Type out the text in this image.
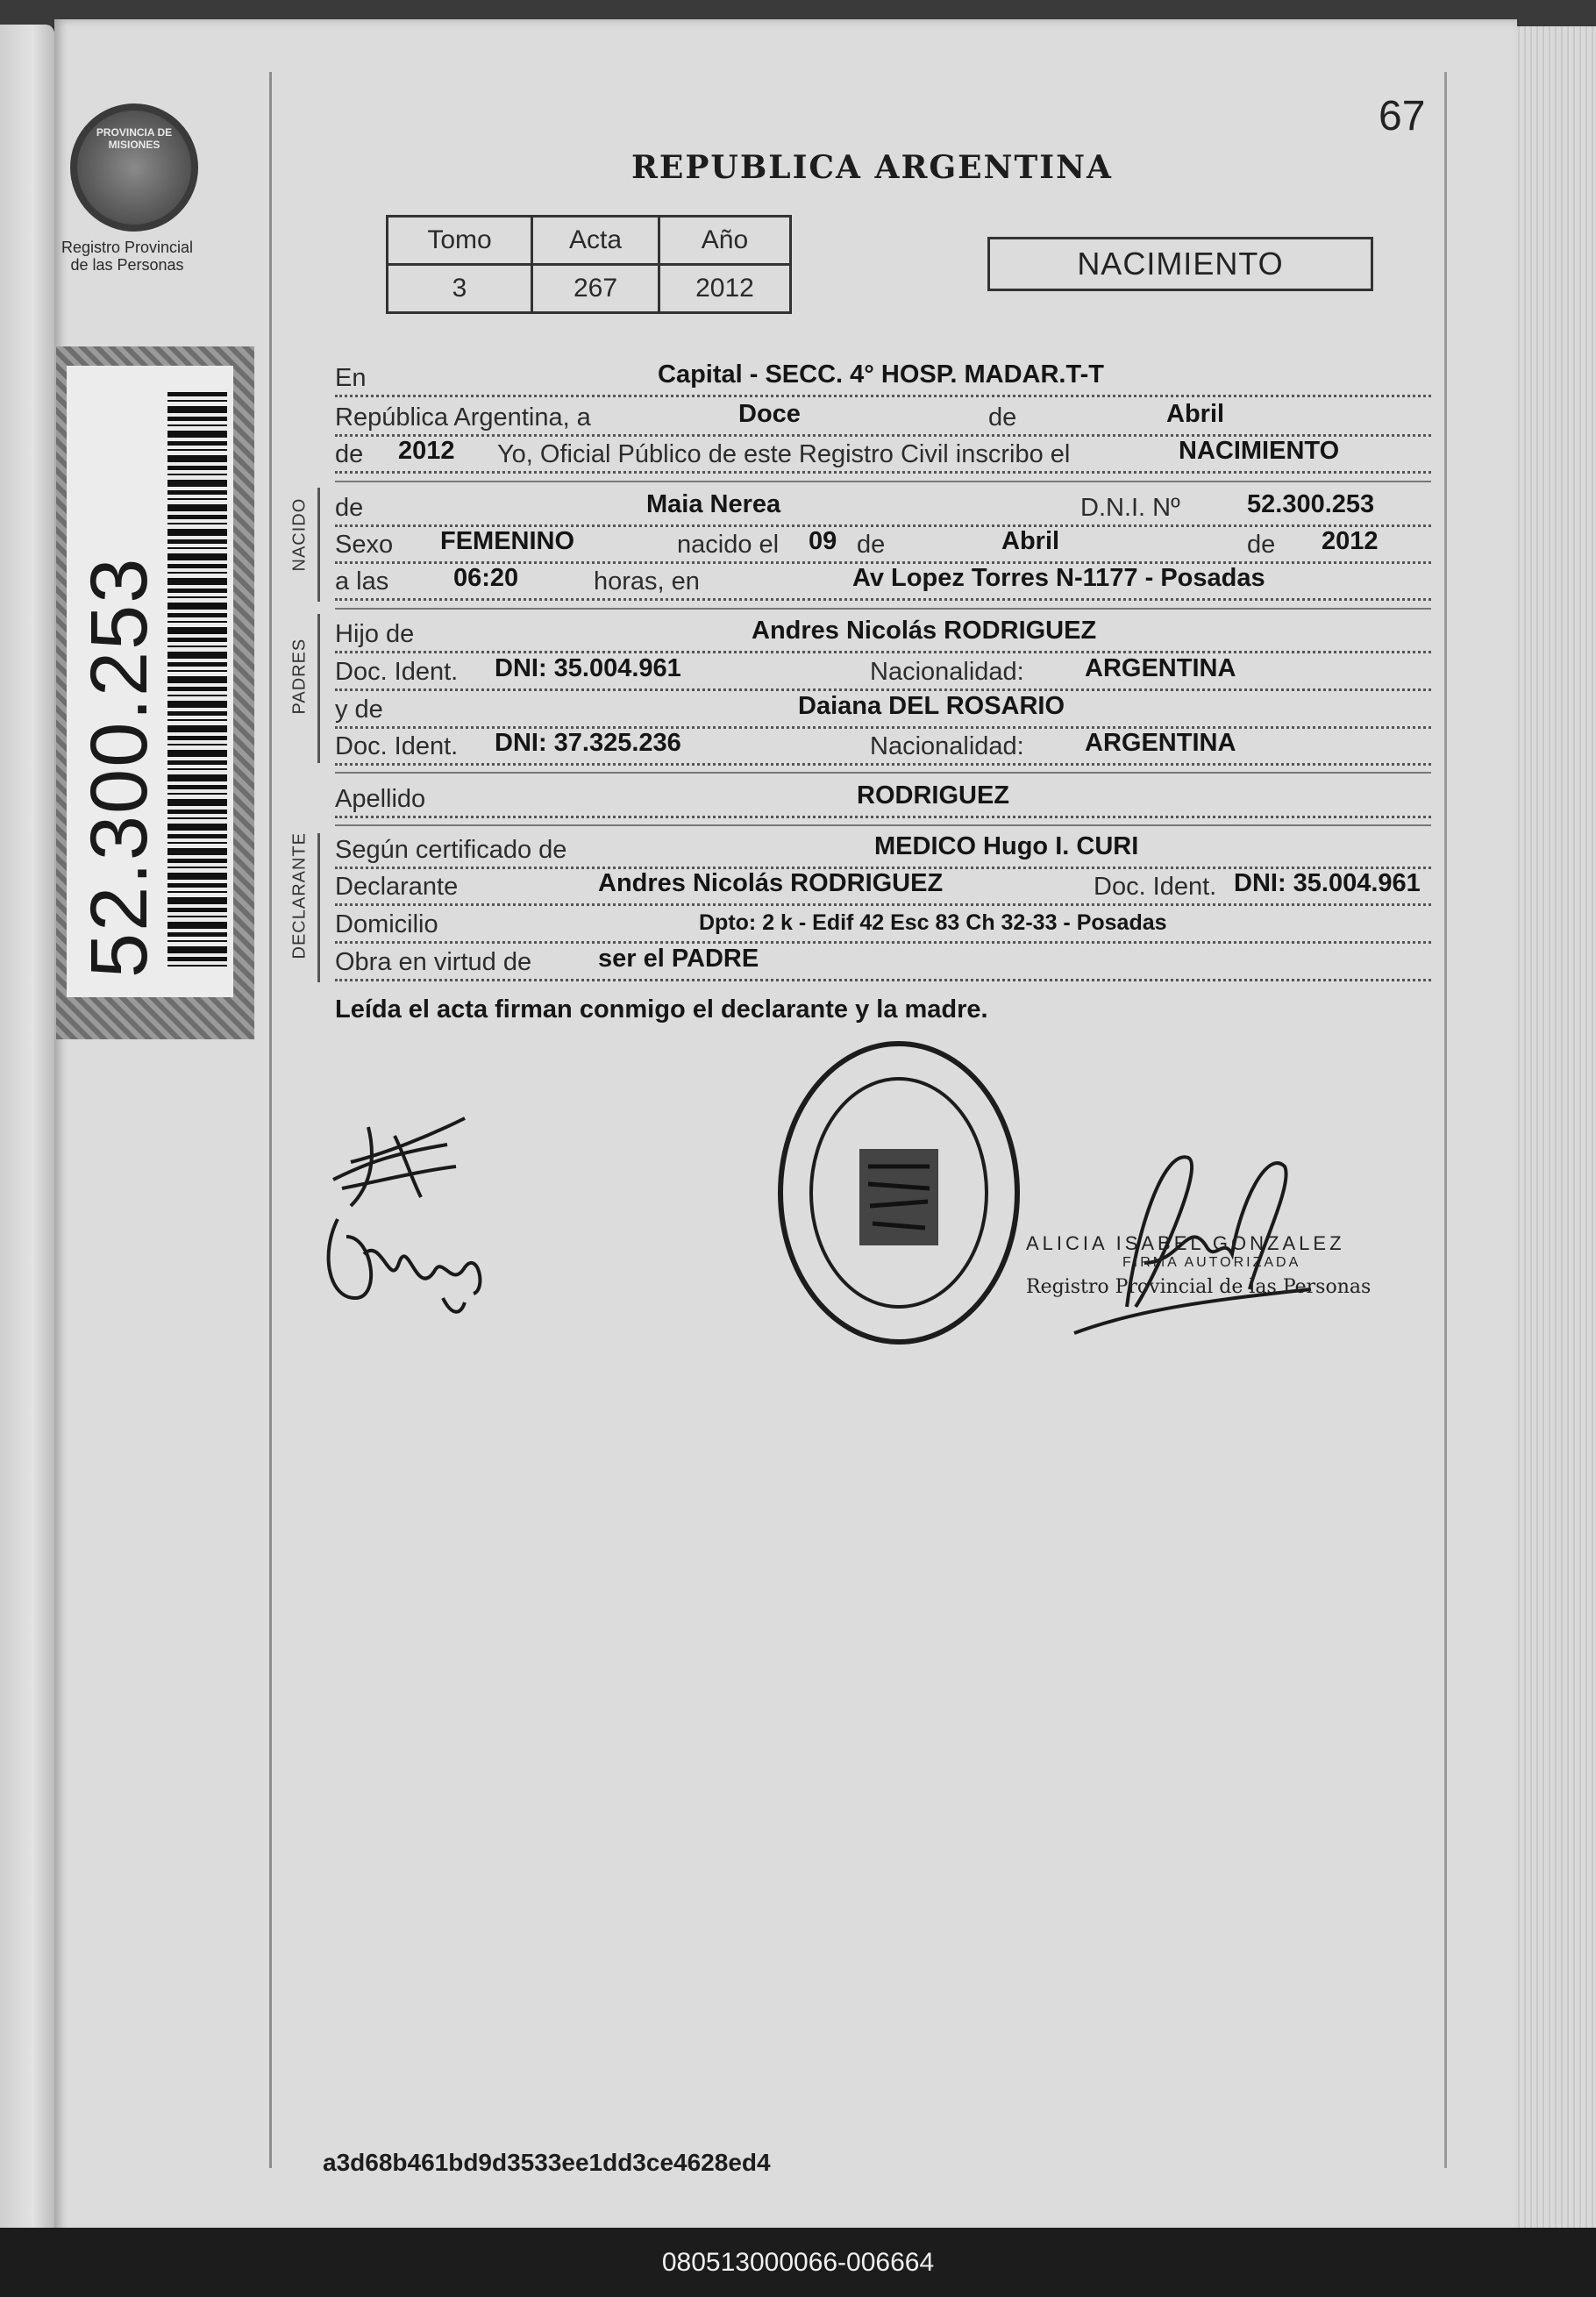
PROVINCIA DE MISIONES
Registro Provincial
de las Personas
52.300.253
67
REPUBLICA ARGENTINA
Tomo	Acta	Año
3	267	2012
NACIMIENTO
En	Capital - SECC. 4° HOSP. MADAR.T-T
República Argentina, a	Doce	de	Abril
de 2012 Yo, Oficial Público de este Registro Civil inscribo el	NACIMIENTO
NACIDO de	Maia Nerea	D.N.I. Nº	52.300.253
Sexo FEMENINO	nacido el 09 de	Abril	de 2012
a las	06:20	horas, en	Av Lopez Torres N-1177 - Posadas
PADRES
Hijo de	Andres Nicolás RODRIGUEZ
Doc. Ident. DNI: 35.004.961	Nacionalidad: ARGENTINA
y de	Daiana DEL ROSARIO
Doc. Ident. DNI: 37.325.236	Nacionalidad: ARGENTINA
Apellido	RODRIGUEZ
DECLARANTE Según certificado de	MEDICO Hugo I. CURI
Declarante	Andres Nicolás RODRIGUEZ	Doc. Ident. DNI: 35.004.961
Domicilio	Dpto: 2 k - Edif 42 Esc 83 Ch 32-33 - Posadas
Obra en virtud de	ser el PADRE
Leída el acta firman conmigo el declarante y la madre.
ALICIA ISABEL GONZALEZ
FIRMA AUTORIZADA
Registro Provincial de las Personas
a3d68b461bd9d3533ee1dd3ce4628ed4
080513000066-006664
